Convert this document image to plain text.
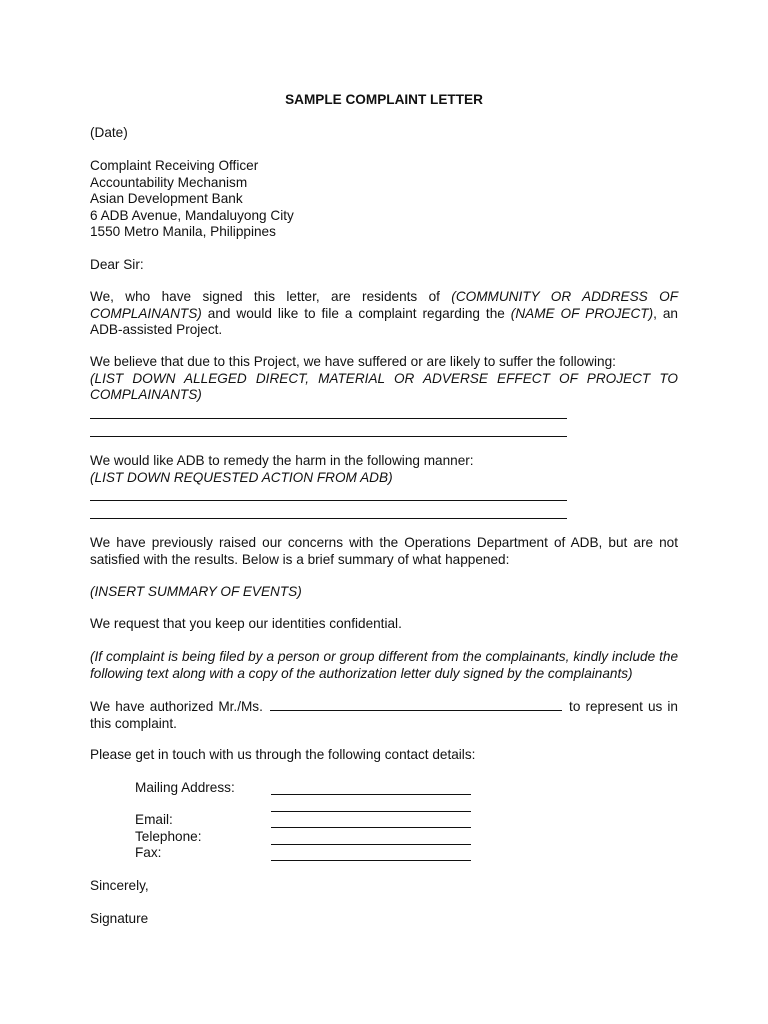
SAMPLE COMPLAINT LETTER
(Date)

Complaint Receiving Officer

Accountability Mechanism

Asian Development Bank

6 ADB Avenue, Mandaluyong City

1550 Metro Manila, Philippines

Dear Sir:
We, who have signed this letter, are residents of (COMMUNITY OR ADDRESS OF COMPLAINANTS) and would like to file a complaint regarding the (NAME OF PROJECT), an ADB-assisted Project.

We believe that due to this Project, we have suffered or are likely to suffer the following:

(LIST DOWN ALLEGED DIRECT, MATERIAL OR ADVERSE EFFECT OF PROJECT TO COMPLAINANTS)

We would like ADB to remedy the harm in the following manner:

(LIST DOWN REQUESTED ACTION FROM ADB)

We have previously raised our concerns with the Operations Department of ADB, but are not satisfied with the results. Below is a brief summary of what happened:
(INSERT SUMMARY OF EVENTS)
We request that you keep our identities confidential.
(If complaint is being filed by a person or group different from the complainants, kindly include the following text along with a copy of the authorization letter duly signed by the complainants)
We have authorized Mr./Ms.	to represent us in this complaint.
Please get in touch with us through the following contact details:
Mailing Address:
Email:
Telephone:
Fax:
Sincerely,
Signature
